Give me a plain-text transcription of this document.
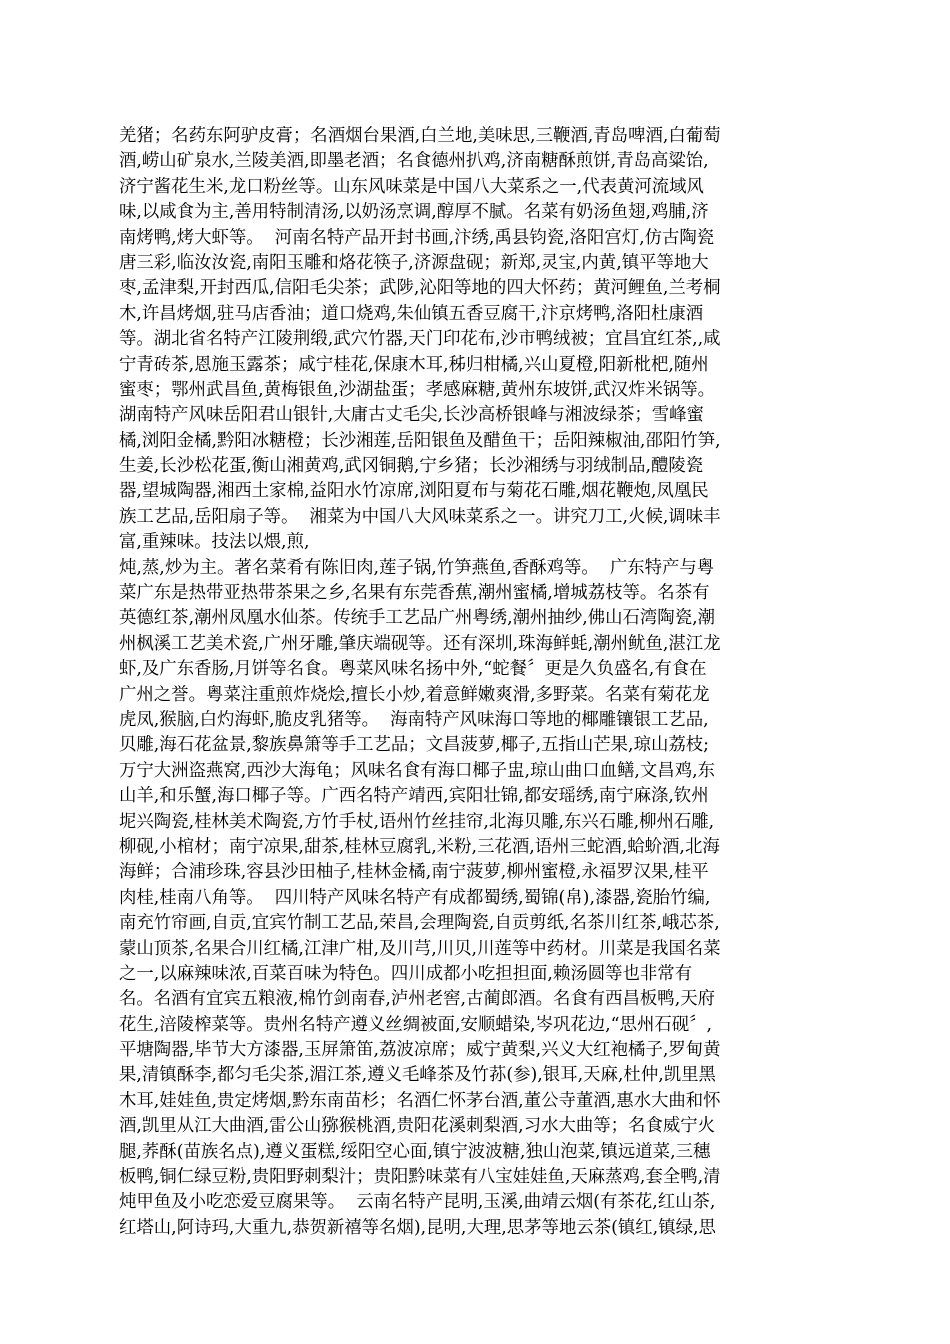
羌猪；名药东阿驴皮膏；名酒烟台果酒,白兰地,美味思,三鞭酒,青岛啤酒,白葡萄
酒,崂山矿泉水,兰陵美酒,即墨老酒；名食德州扒鸡,济南糖酥煎饼,青岛高粱饴,
济宁酱花生米,龙口粉丝等。山东风味菜是中国八大菜系之一,代表黄河流域风
味,以咸食为主,善用特制清汤,以奶汤烹调,醇厚不腻。名菜有奶汤鱼翅,鸡脯,济
南烤鸭,烤大虾等。  河南名特产品开封书画,汴绣,禹县钧瓷,洛阳宫灯,仿古陶瓷
唐三彩,临汝汝瓷,南阳玉雕和烙花筷子,济源盘砚；新郑,灵宝,内黄,镇平等地大
枣,孟津梨,开封西瓜,信阳毛尖茶；武陟,沁阳等地的四大怀药；黄河鲤鱼,兰考桐
木,许昌烤烟,驻马店香油；道口烧鸡,朱仙镇五香豆腐干,汴京烤鸭,洛阳杜康酒
等。湖北省名特产江陵荆缎,武穴竹器,天门印花布,沙市鸭绒被；宜昌宜红茶,,咸
宁青砖茶,恩施玉露茶；咸宁桂花,保康木耳,秭归柑橘,兴山夏橙,阳新枇杷,随州
蜜枣；鄂州武昌鱼,黄梅银鱼,沙湖盐蛋；孝感麻糖,黄州东坡饼,武汉炸米锅等。
湖南特产风味岳阳君山银针,大庸古丈毛尖,长沙高桥银峰与湘波绿茶；雪峰蜜
橘,浏阳金橘,黔阳冰糖橙；长沙湘莲,岳阳银鱼及醋鱼干；岳阳辣椒油,邵阳竹笋,
生姜,长沙松花蛋,衡山湘黄鸡,武冈铜鹅,宁乡猪；长沙湘绣与羽绒制品,醴陵瓷
器,望城陶器,湘西土家棉,益阳水竹凉席,浏阳夏布与菊花石雕,烟花鞭炮,凤凰民
族工艺品,岳阳扇子等。  湘菜为中国八大风味菜系之一。讲究刀工,火候,调味丰
富,重辣味。技法以煨,煎,
炖,蒸,炒为主。著名菜肴有陈旧肉,莲子锅,竹笋燕鱼,香酥鸡等。  广东特产与粤
菜广东是热带亚热带茶果之乡,名果有东莞香蕉,潮州蜜橘,增城荔枝等。名茶有
英德红茶,潮州凤凰水仙茶。传统手工艺品广州粤绣,潮州抽纱,佛山石湾陶瓷,潮
州枫溪工艺美术瓷,广州牙雕,肇庆端砚等。还有深圳,珠海鲜蚝,潮州鱿鱼,湛江龙
虾,及广东香肠,月饼等名食。粤菜风味名扬中外,“蛇餐〞更是久负盛名,有食在
广州之誉。粤菜注重煎炸烧烩,擅长小炒,着意鲜嫩爽滑,多野菜。名菜有菊花龙
虎凤,猴脑,白灼海虾,脆皮乳猪等。  海南特产风味海口等地的椰雕镶银工艺品,
贝雕,海石花盆景,黎族鼻箫等手工艺品；文昌菠萝,椰子,五指山芒果,琼山荔枝;
万宁大洲盗燕窝,西沙大海龟；风味名食有海口椰子盅,琼山曲口血鳝,文昌鸡,东
山羊,和乐蟹,海口椰子等。广西名特产靖西,宾阳壮锦,都安瑶绣,南宁麻涤,钦州
坭兴陶瓷,桂林美术陶瓷,方竹手杖,语州竹丝挂帘,北海贝雕,东兴石雕,柳州石雕,
柳砚,小棺材；南宁凉果,甜茶,桂林豆腐乳,米粉,三花酒,语州三蛇酒,蛤蚧酒,北海
海鲜；合浦珍珠,容县沙田柚子,桂林金橘,南宁菠萝,柳州蜜橙,永福罗汉果,桂平
肉桂,桂南八角等。  四川特产风味名特产有成都蜀绣,蜀锦(帛),漆器,瓷胎竹编,
南充竹帘画,自贡,宜宾竹制工艺品,荣昌,会理陶瓷,自贡剪纸,名茶川红茶,峨芯茶,
蒙山顶茶,名果合川红橘,江津广柑,及川芎,川贝,川莲等中药材。川菜是我国名菜
之一,以麻辣味浓,百菜百味为特色。四川成都小吃担担面,赖汤圆等也非常有
名。名酒有宜宾五粮液,棉竹剑南春,泸州老窖,古蔺郎酒。名食有西昌板鸭,天府
花生,涪陵榨菜等。贵州名特产遵义丝绸被面,安顺蜡染,岑巩花边,“思州石砚〞,
平塘陶器,毕节大方漆器,玉屏箫笛,荔波凉席；威宁黄梨,兴义大红袍橘子,罗甸黄
果,清镇酥李,都匀毛尖茶,湄江茶,遵义毛峰茶及竹荪(参),银耳,天麻,杜仲,凯里黑
木耳,娃娃鱼,贵定烤烟,黔东南苗杉；名酒仁怀茅台酒,董公寺董酒,惠水大曲和怀
酒,凯里从江大曲酒,雷公山猕猴桃酒,贵阳花溪刺梨酒,习水大曲等；名食威宁火
腿,荞酥(苗族名点),遵义蛋糕,绥阳空心面,镇宁波波糖,独山泡菜,镇远道菜,三穗
板鸭,铜仁绿豆粉,贵阳野刺梨汁；贵阳黔味菜有八宝娃娃鱼,天麻蒸鸡,套全鸭,清
炖甲鱼及小吃恋爱豆腐果等。  云南名特产昆明,玉溪,曲靖云烟(有茶花,红山茶,
红塔山,阿诗玛,大重九,恭贺新禧等名烟),昆明,大理,思茅等地云茶(镇红,镇绿,思
